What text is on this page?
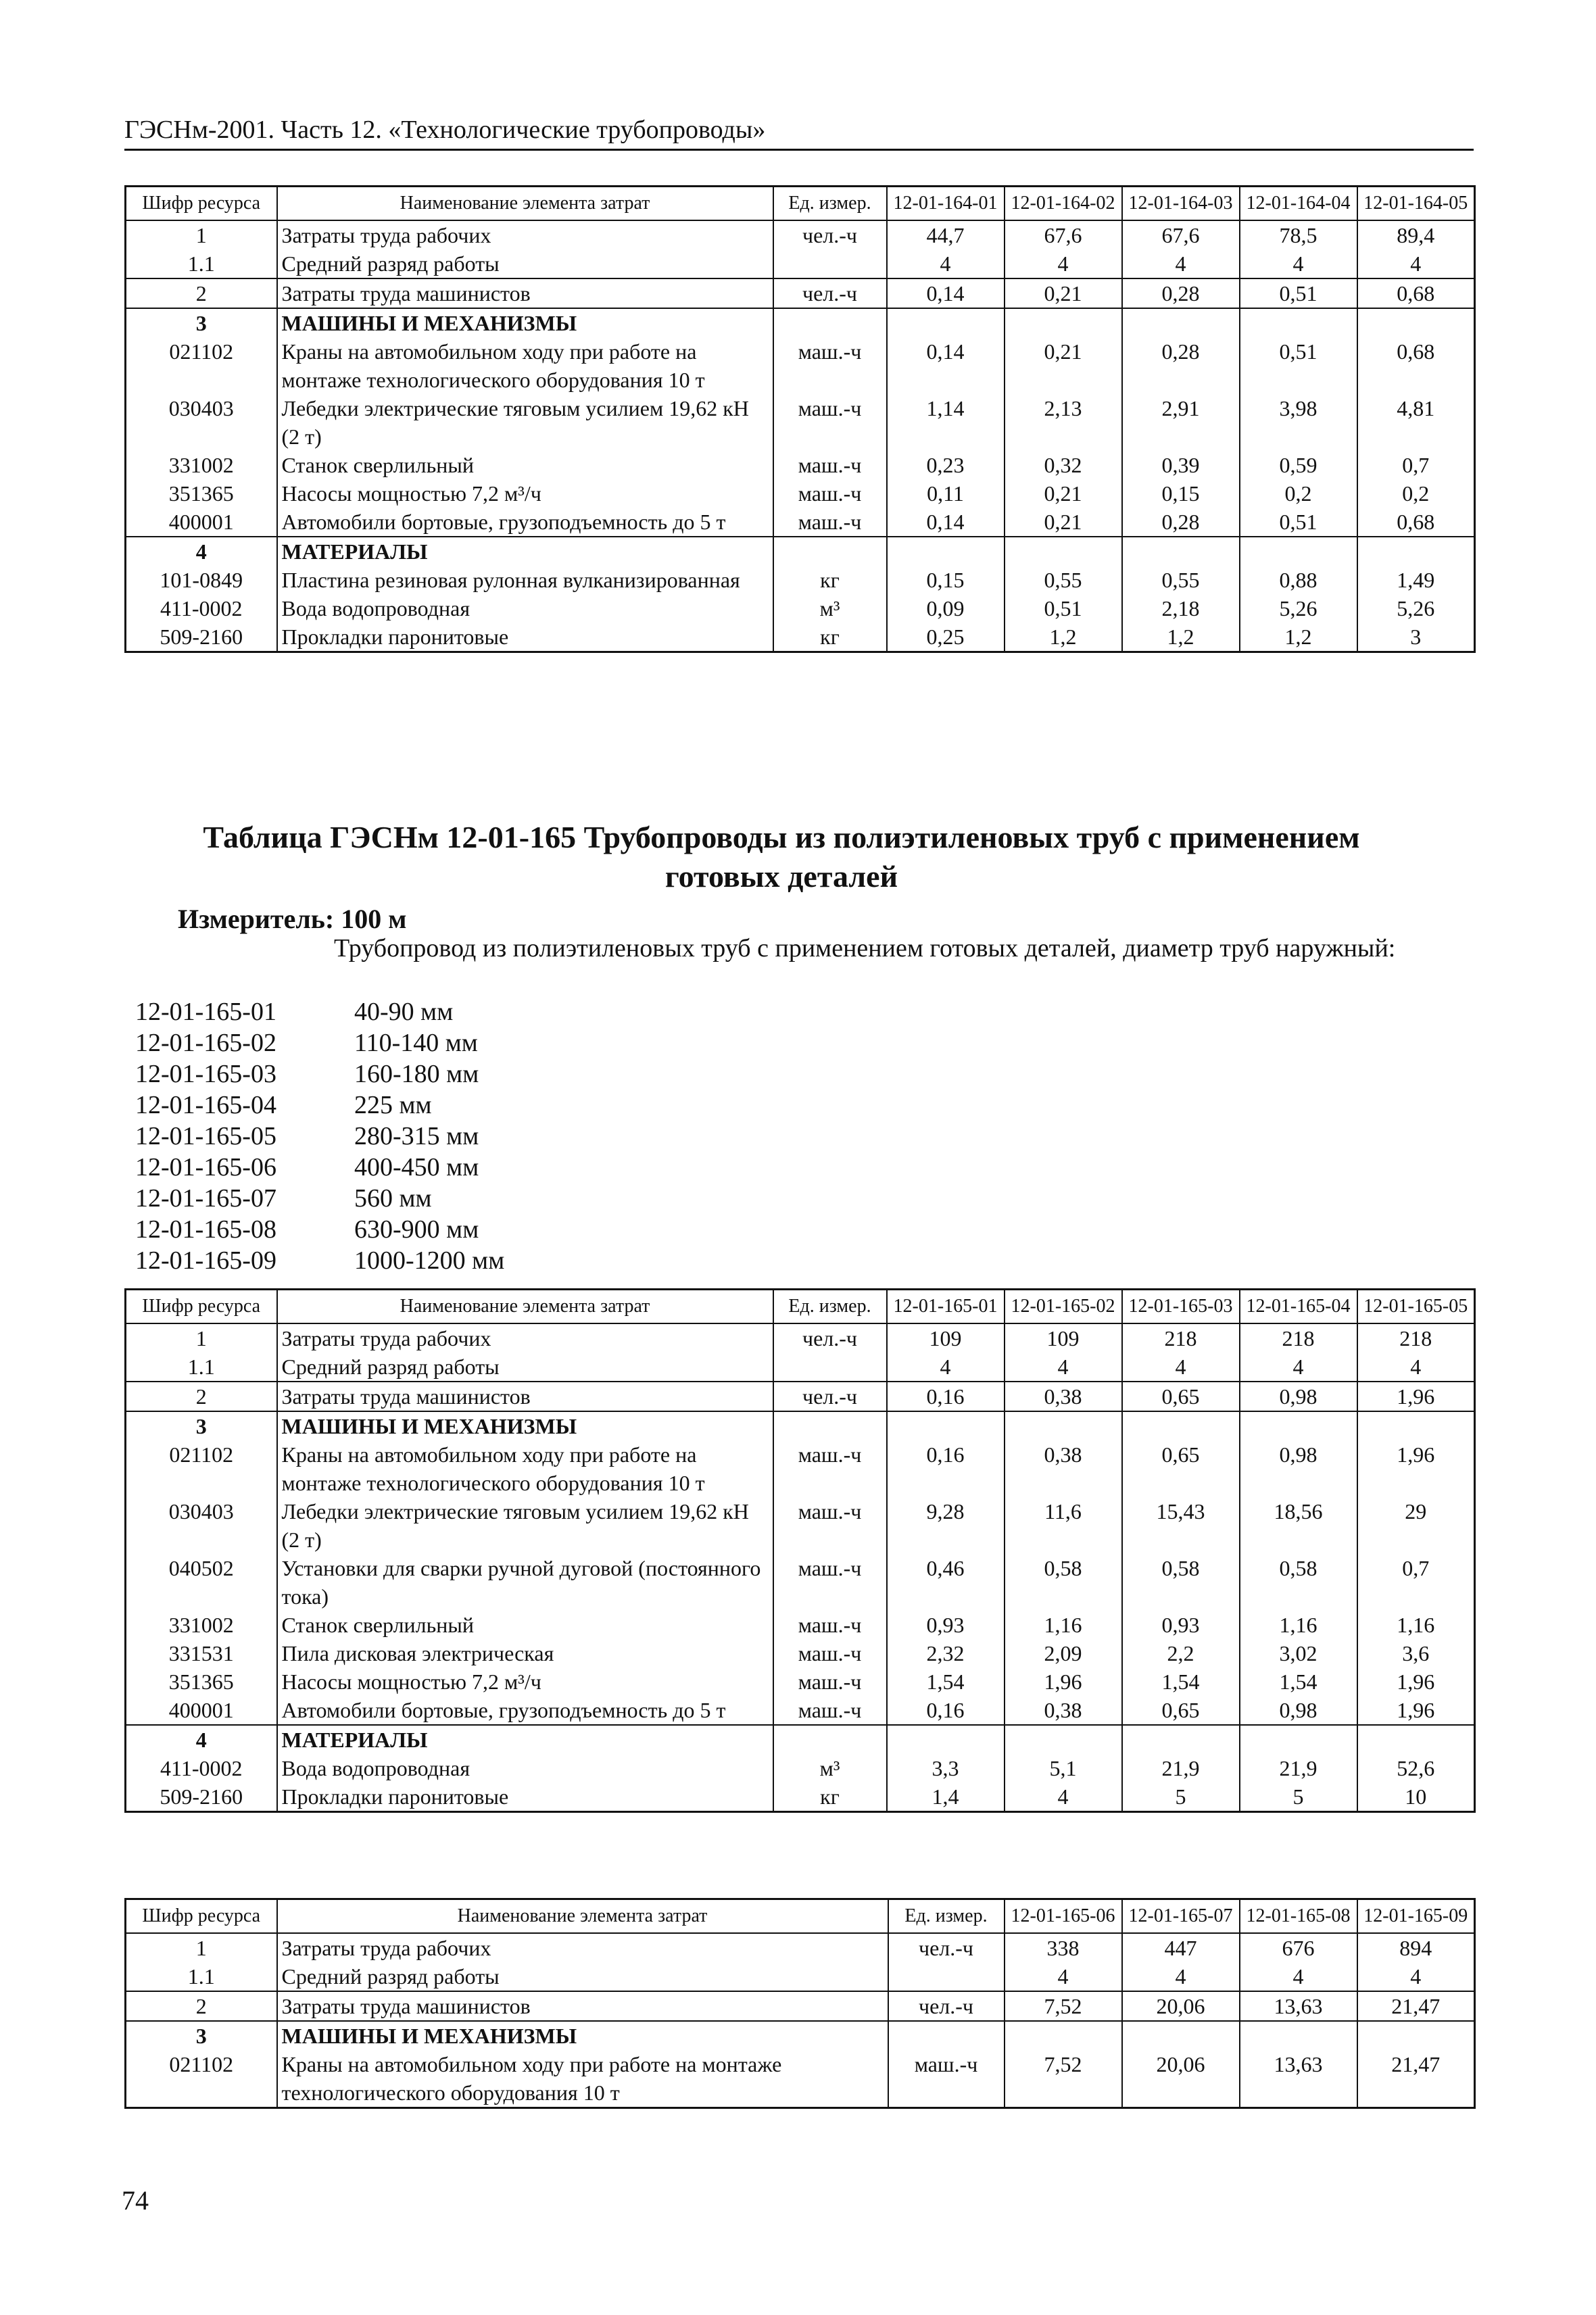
ГЭСНм-2001. Часть 12. «Технологические трубопроводы»
Шифр ресурса	Наименование элемента затрат	Ед. измер.	12-01-164-01	12-01-164-02	12-01-164-03	12-01-164-04	12-01-164-05
1	Затраты труда рабочих	чел.-ч	44,7	67,6	67,6	78,5	89,4
1.1	Средний разряд работы		4	4	4	4	4
2	Затраты труда машинистов	чел.-ч	0,14	0,21	0,28	0,51	0,68
3	МАШИНЫ И МЕХАНИЗМЫ						
021102	Краны на автомобильном ходу при работе на монтаже технологического оборудования 10 т	маш.-ч	0,14	0,21	0,28	0,51	0,68
030403	Лебедки электрические тяговым усилием 19,62 кН (2 т)	маш.-ч	1,14	2,13	2,91	3,98	4,81
331002	Станок сверлильный	маш.-ч	0,23	0,32	0,39	0,59	0,7
351365	Насосы мощностью 7,2 м³/ч	маш.-ч	0,11	0,21	0,15	0,2	0,2
400001	Автомобили бортовые, грузоподъемность до 5 т	маш.-ч	0,14	0,21	0,28	0,51	0,68
4	МАТЕРИАЛЫ						
101-0849	Пластина резиновая рулонная вулканизированная	кг	0,15	0,55	0,55	0,88	1,49
411-0002	Вода водопроводная	м³	0,09	0,51	2,18	5,26	5,26
509-2160	Прокладки паронитовые	кг	0,25	1,2	1,2	1,2	3
Таблица ГЭСНм 12-01-165 Трубопроводы из полиэтиленовых труб с применением
готовых деталей
Измеритель: 100 м
Трубопровод из полиэтиленовых труб с применением готовых деталей, диаметр труб наружный:
12-01-165-01	40-90 мм
12-01-165-02	110-140 мм
12-01-165-03	160-180 мм
12-01-165-04	225 мм
12-01-165-05	280-315 мм
12-01-165-06	400-450 мм
12-01-165-07	560 мм
12-01-165-08	630-900 мм
12-01-165-09	1000-1200 мм
Шифр ресурса	Наименование элемента затрат	Ед. измер.	12-01-165-01	12-01-165-02	12-01-165-03	12-01-165-04	12-01-165-05
1	Затраты труда рабочих	чел.-ч	109	109	218	218	218
1.1	Средний разряд работы		4	4	4	4	4
2	Затраты труда машинистов	чел.-ч	0,16	0,38	0,65	0,98	1,96
3	МАШИНЫ И МЕХАНИЗМЫ						
021102	Краны на автомобильном ходу при работе на монтаже технологического оборудования 10 т	маш.-ч	0,16	0,38	0,65	0,98	1,96
030403	Лебедки электрические тяговым усилием 19,62 кН (2 т)	маш.-ч	9,28	11,6	15,43	18,56	29
040502	Установки для сварки ручной дуговой (постоянного тока)	маш.-ч	0,46	0,58	0,58	0,58	0,7
331002	Станок сверлильный	маш.-ч	0,93	1,16	0,93	1,16	1,16
331531	Пила дисковая электрическая	маш.-ч	2,32	2,09	2,2	3,02	3,6
351365	Насосы мощностью 7,2 м³/ч	маш.-ч	1,54	1,96	1,54	1,54	1,96
400001	Автомобили бортовые, грузоподъемность до 5 т	маш.-ч	0,16	0,38	0,65	0,98	1,96
4	МАТЕРИАЛЫ						
411-0002	Вода водопроводная	м³	3,3	5,1	21,9	21,9	52,6
509-2160	Прокладки паронитовые	кг	1,4	4	5	5	10
Шифр ресурса	Наименование элемента затрат	Ед. измер.	12-01-165-06	12-01-165-07	12-01-165-08	12-01-165-09
1	Затраты труда рабочих	чел.-ч	338	447	676	894
1.1	Средний разряд работы		4	4	4	4
2	Затраты труда машинистов	чел.-ч	7,52	20,06	13,63	21,47
3	МАШИНЫ И МЕХАНИЗМЫ					
021102	Краны на автомобильном ходу при работе на монтаже технологического оборудования 10 т	маш.-ч	7,52	20,06	13,63	21,47
74
